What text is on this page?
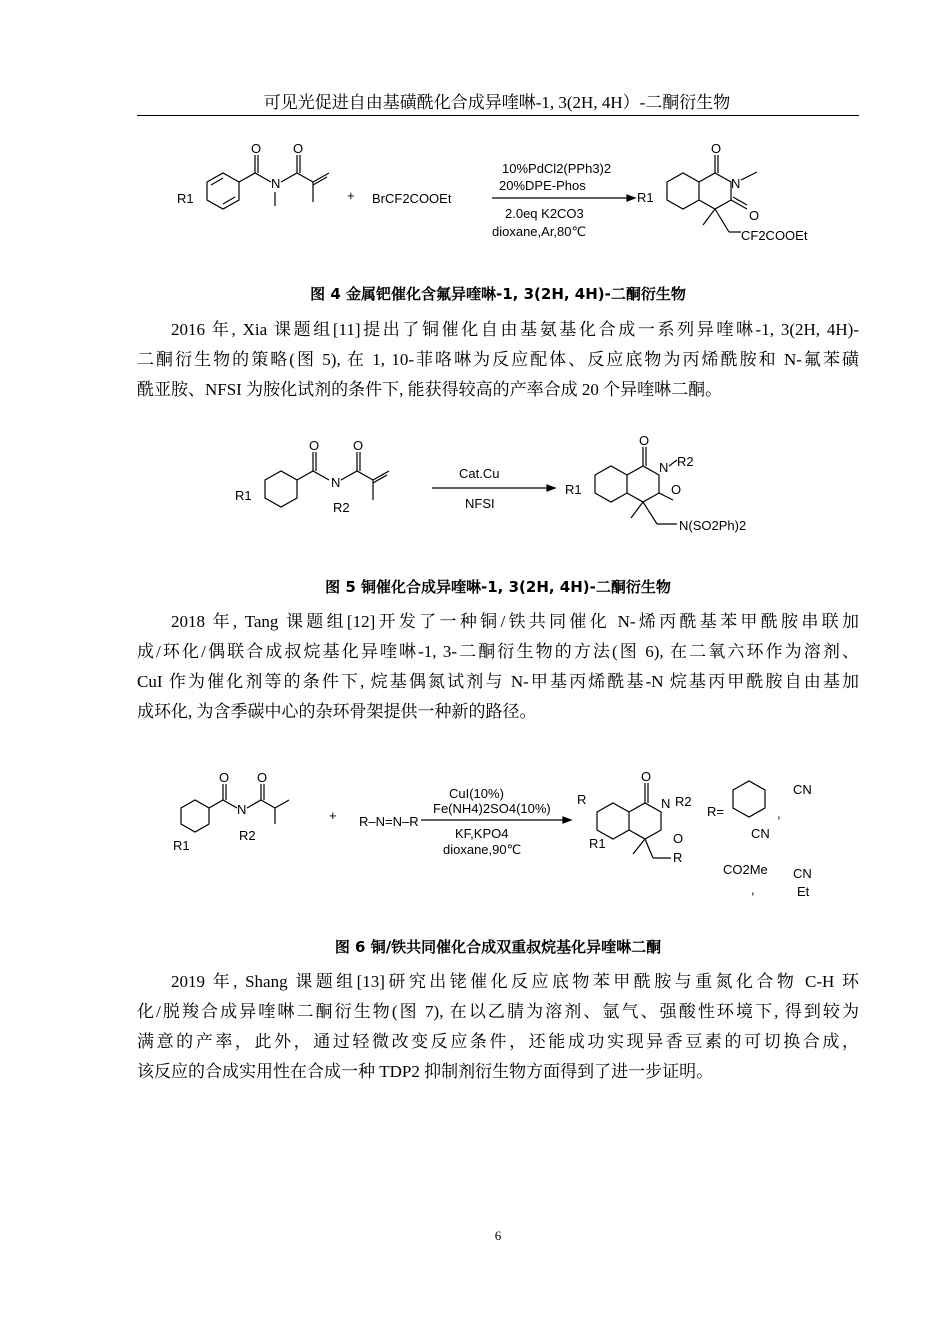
可见光促进自由基磺酰化合成异喹啉-1, 3(2H, 4H）-二酮衍生物
R1
O
N
O
+ BrCF2COOEt
10%PdCl2(PPh3)2
20%DPE-Phos
2.0eq K2CO3
dioxane,Ar,80℃
R1
O
N
O
CF2COOEt
图 4 金属钯催化含氟异喹啉-1, 3(2H, 4H)-二酮衍生物
2016 年, Xia 课题组[11]提出了铜催化自由基氨基化合成一系列异喹啉-1, 3(2H, 4H)-
二酮衍生物的策略(图 5), 在 1, 10-菲咯啉为反应配体、反应底物为丙烯酰胺和 N-氟苯磺
酰亚胺、NFSI 为胺化试剂的条件下, 能获得较高的产率合成 20 个异喹啉二酮。
R1
O
N
R2
O
Cat.Cu
NFSI
R1
O
N R2
O
N(SO2Ph)2
图 5 铜催化合成异喹啉-1, 3(2H, 4H)-二酮衍生物
2018 年, Tang 课题组[12]开发了一种铜/铁共同催化 N-烯丙酰基苯甲酰胺串联加
成/环化/偶联合成叔烷基化异喹啉-1, 3-二酮衍生物的方法(图 6), 在二氧六环作为溶剂、
CuI 作为催化剂等的条件下, 烷基偶氮试剂与 N-甲基丙烯酰基-N 烷基丙甲酰胺自由基加
成环化, 为含季碳中心的杂环骨架提供一种新的路径。
R1
O
N
R2
O
+ R–N=N–R
CuI(10%)
Fe(NH4)2SO4(10%)
KF,KPO4
dioxane,90℃
R
O
N R2
O
R1
R
R=
CN
,
CN
CO2Me
,
CN
Et
图 6 铜/铁共同催化合成双重叔烷基化异喹啉二酮
2019 年, Shang 课题组[13]研究出铑催化反应底物苯甲酰胺与重氮化合物 C-H 环
化/脱羧合成异喹啉二酮衍生物(图 7), 在以乙腈为溶剂、氩气、强酸性环境下, 得到较为
满意的产率，此外，通过轻微改变反应条件，还能成功实现异香豆素的可切换合成，
该反应的合成实用性在合成一种 TDP2 抑制剂衍生物方面得到了进一步证明。
6
